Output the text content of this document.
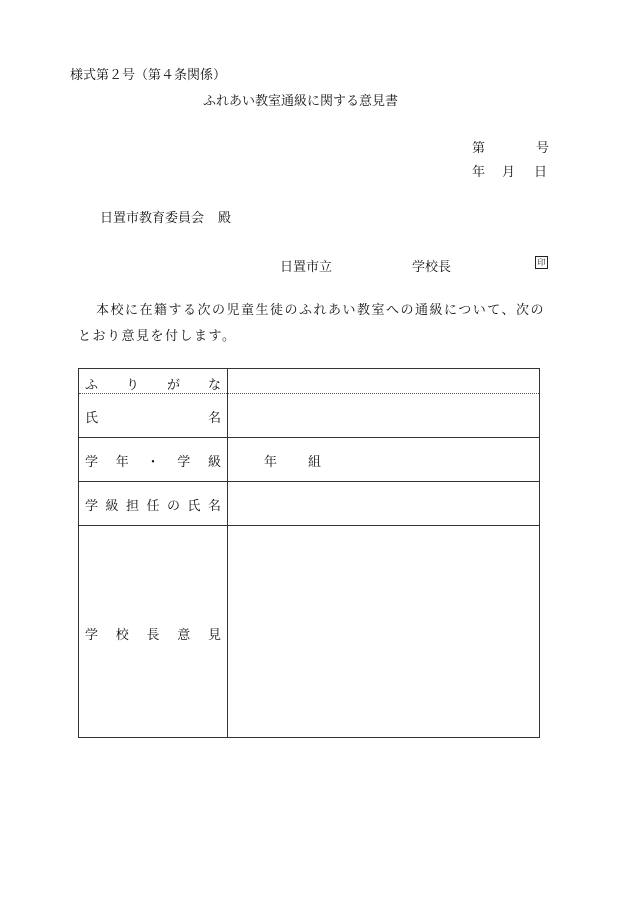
様式第２号（第４条関係）
ふれあい教室通級に関する意見書
第	号
年 月 日
日置市教育委員会 殿
日置市立	学校長	印
本校に在籍する次の児童生徒のふれあい教室への通級について、次の
とおり意見を付します。
ふ り が な
氏	名
学 年 ・ 学 級	年 組
学 級 担 任 の 氏 名
学 校 長 意 見
